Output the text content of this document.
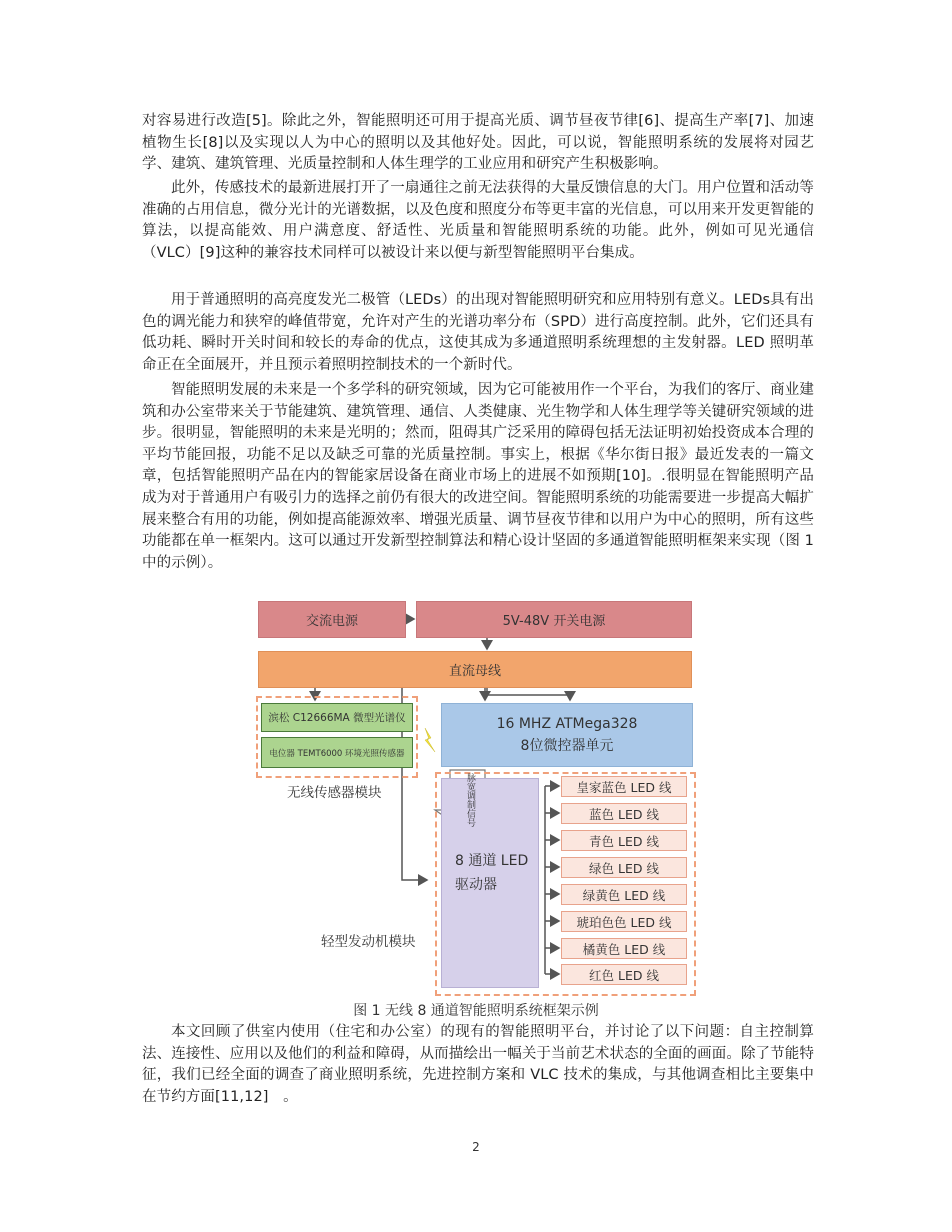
对容易进行改造[5]。除此之外，智能照明还可用于提高光质、调节昼夜节律[6]、提高生产率[7]、加速植物生长[8]以及实现以人为中心的照明以及其他好处。因此，可以说，智能照明系统的发展将对园艺学、建筑、建筑管理、光质量控制和人体生理学的工业应用和研究产生积极影响。

此外，传感技术的最新进展打开了一扇通往之前无法获得的大量反馈信息的大门。用户位置和活动等准确的占用信息，微分光计的光谱数据，以及色度和照度分布等更丰富的光信息，可以用来开发更智能的算法，以提高能效、用户满意度、舒适性、光质量和智能照明系统的功能。此外，例如可见光通信（VLC）[9]这种的兼容技术同样可以被设计来以便与新型智能照明平台集成。

用于普通照明的高亮度发光二极管（LEDs）的出现对智能照明研究和应用特别有意义。LEDs具有出色的调光能力和狭窄的峰值带宽，允许对产生的光谱功率分布（SPD）进行高度控制。此外，它们还具有低功耗、瞬时开关时间和较长的寿命的优点，这使其成为多通道照明系统理想的主发射器。LED 照明革命正在全面展开，并且预示着照明控制技术的一个新时代。

智能照明发展的未来是一个多学科的研究领域，因为它可能被用作一个平台，为我们的客厅、商业建筑和办公室带来关于节能建筑、建筑管理、通信、人类健康、光生物学和人体生理学等关键研究领域的进步。很明显，智能照明的未来是光明的；然而，阻碍其广泛采用的障碍包括无法证明初始投资成本合理的平均节能回报，功能不足以及缺乏可靠的光质量控制。事实上，根据《华尔街日报》最近发表的一篇文章，包括智能照明产品在内的智能家居设备在商业市场上的进展不如预期[10]。.很明显在智能照明产品成为对于普通用户有吸引力的选择之前仍有很大的改进空间。智能照明系统的功能需要进一步提高大幅扩展来整合有用的功能，例如提高能源效率、增强光质量、调节昼夜节律和以用户为中心的照明，所有这些功能都在单一框架内。这可以通过开发新型控制算法和精心设计坚固的多通道智能照明框架来实现（图 1 中的示例）。

交流电源	5V-48V 开关电源
直流母线
滨松 C12666MA 微型光谱仪
电位器 TEMT6000 环境光照传感器
无线传感器模块
16 MHZ ATMega328
8位微控器单元
脉宽调制信号
8 通道 LED
驱动器
轻型发动机模块
皇家蓝色 LED 线
蓝色 LED 线
青色 LED 线
绿色 LED 线
绿黄色 LED 线
琥珀色色 LED 线
橘黄色 LED 线
红色 LED 线
图 1 无线 8 通道智能照明系统框架示例

本文回顾了供室内使用（住宅和办公室）的现有的智能照明平台，并讨论了以下问题：自主控制算法、连接性、应用以及他们的利益和障碍，从而描绘出一幅关于当前艺术状态的全面的画面。除了节能特征，我们已经全面的调查了商业照明系统，先进控制方案和 VLC 技术的集成，与其他调查相比主要集中在节约方面[11,12]　。

2
